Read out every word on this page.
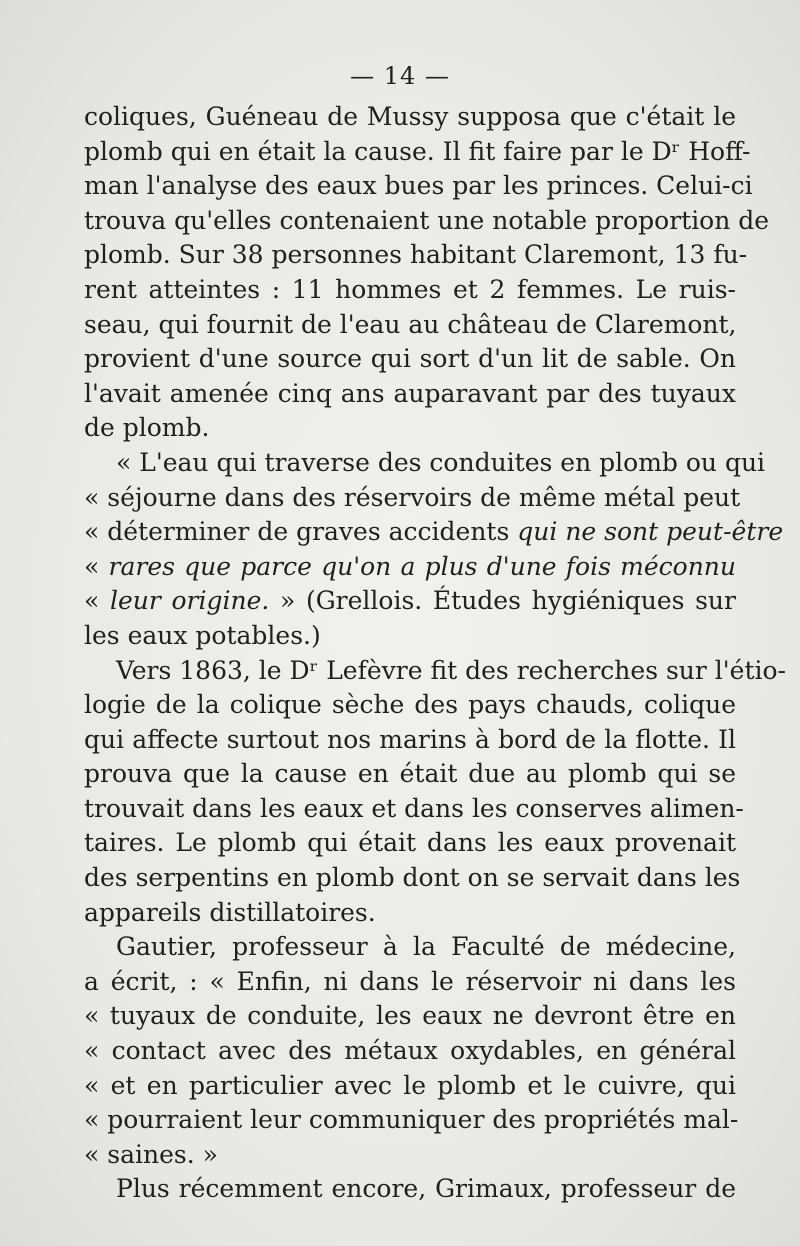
— 14 —
coliques, Guéneau de Mussy supposa que c'était le
plomb qui en était la cause. Il fit faire par le Dʳ Hoff-
man l'analyse des eaux bues par les princes. Celui-ci
trouva qu'elles contenaient une notable proportion de
plomb. Sur 38 personnes habitant Claremont, 13 fu-
rent atteintes : 11 hommes et 2 femmes. Le ruis-
seau, qui fournit de l'eau au château de Claremont,
provient d'une source qui sort d'un lit de sable. On
l'avait amenée cinq ans auparavant par des tuyaux
de plomb.
« L'eau qui traverse des conduites en plomb ou qui
« séjourne dans des réservoirs de même métal peut
« déterminer de graves accidents qui ne sont peut-être
« rares que parce qu'on a plus d'une fois méconnu
« leur origine. » (Grellois. Études hygiéniques sur
les eaux potables.)
Vers 1863, le Dʳ Lefèvre fit des recherches sur l'étio-
logie de la colique sèche des pays chauds, colique
qui affecte surtout nos marins à bord de la flotte. Il
prouva que la cause en était due au plomb qui se
trouvait dans les eaux et dans les conserves alimen-
taires. Le plomb qui était dans les eaux provenait
des serpentins en plomb dont on se servait dans les
appareils distillatoires.
Gautier, professeur à la Faculté de médecine,
a écrit, : « Enfin, ni dans le réservoir ni dans les
« tuyaux de conduite, les eaux ne devront être en
« contact avec des métaux oxydables, en général
« et en particulier avec le plomb et le cuivre, qui
« pourraient leur communiquer des propriétés mal-
« saines. »
Plus récemment encore, Grimaux, professeur de
